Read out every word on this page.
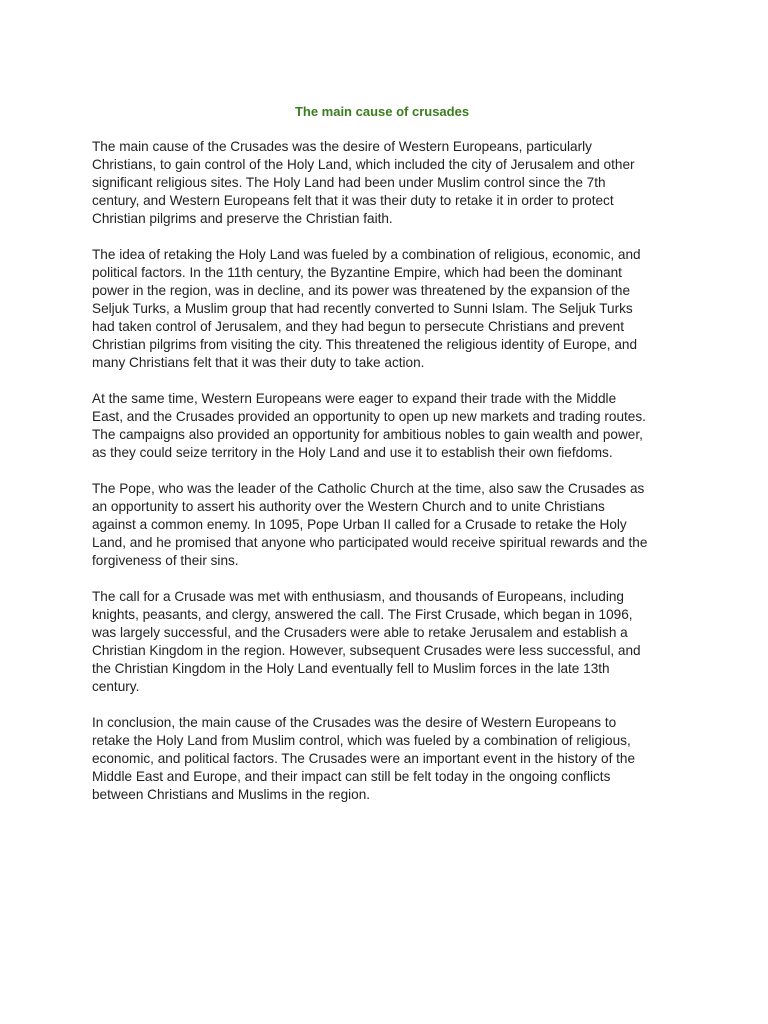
The main cause of crusades

The main cause of the Crusades was the desire of Western Europeans, particularly
Christians, to gain control of the Holy Land, which included the city of Jerusalem and other
significant religious sites. The Holy Land had been under Muslim control since the 7th
century, and Western Europeans felt that it was their duty to retake it in order to protect
Christian pilgrims and preserve the Christian faith.

The idea of retaking the Holy Land was fueled by a combination of religious, economic, and
political factors. In the 11th century, the Byzantine Empire, which had been the dominant
power in the region, was in decline, and its power was threatened by the expansion of the
Seljuk Turks, a Muslim group that had recently converted to Sunni Islam. The Seljuk Turks
had taken control of Jerusalem, and they had begun to persecute Christians and prevent
Christian pilgrims from visiting the city. This threatened the religious identity of Europe, and
many Christians felt that it was their duty to take action.

At the same time, Western Europeans were eager to expand their trade with the Middle
East, and the Crusades provided an opportunity to open up new markets and trading routes.
The campaigns also provided an opportunity for ambitious nobles to gain wealth and power,
as they could seize territory in the Holy Land and use it to establish their own fiefdoms.

The Pope, who was the leader of the Catholic Church at the time, also saw the Crusades as
an opportunity to assert his authority over the Western Church and to unite Christians
against a common enemy. In 1095, Pope Urban II called for a Crusade to retake the Holy
Land, and he promised that anyone who participated would receive spiritual rewards and the
forgiveness of their sins.

The call for a Crusade was met with enthusiasm, and thousands of Europeans, including
knights, peasants, and clergy, answered the call. The First Crusade, which began in 1096,
was largely successful, and the Crusaders were able to retake Jerusalem and establish a
Christian Kingdom in the region. However, subsequent Crusades were less successful, and
the Christian Kingdom in the Holy Land eventually fell to Muslim forces in the late 13th
century.

In conclusion, the main cause of the Crusades was the desire of Western Europeans to
retake the Holy Land from Muslim control, which was fueled by a combination of religious,
economic, and political factors. The Crusades were an important event in the history of the
Middle East and Europe, and their impact can still be felt today in the ongoing conflicts
between Christians and Muslims in the region.
